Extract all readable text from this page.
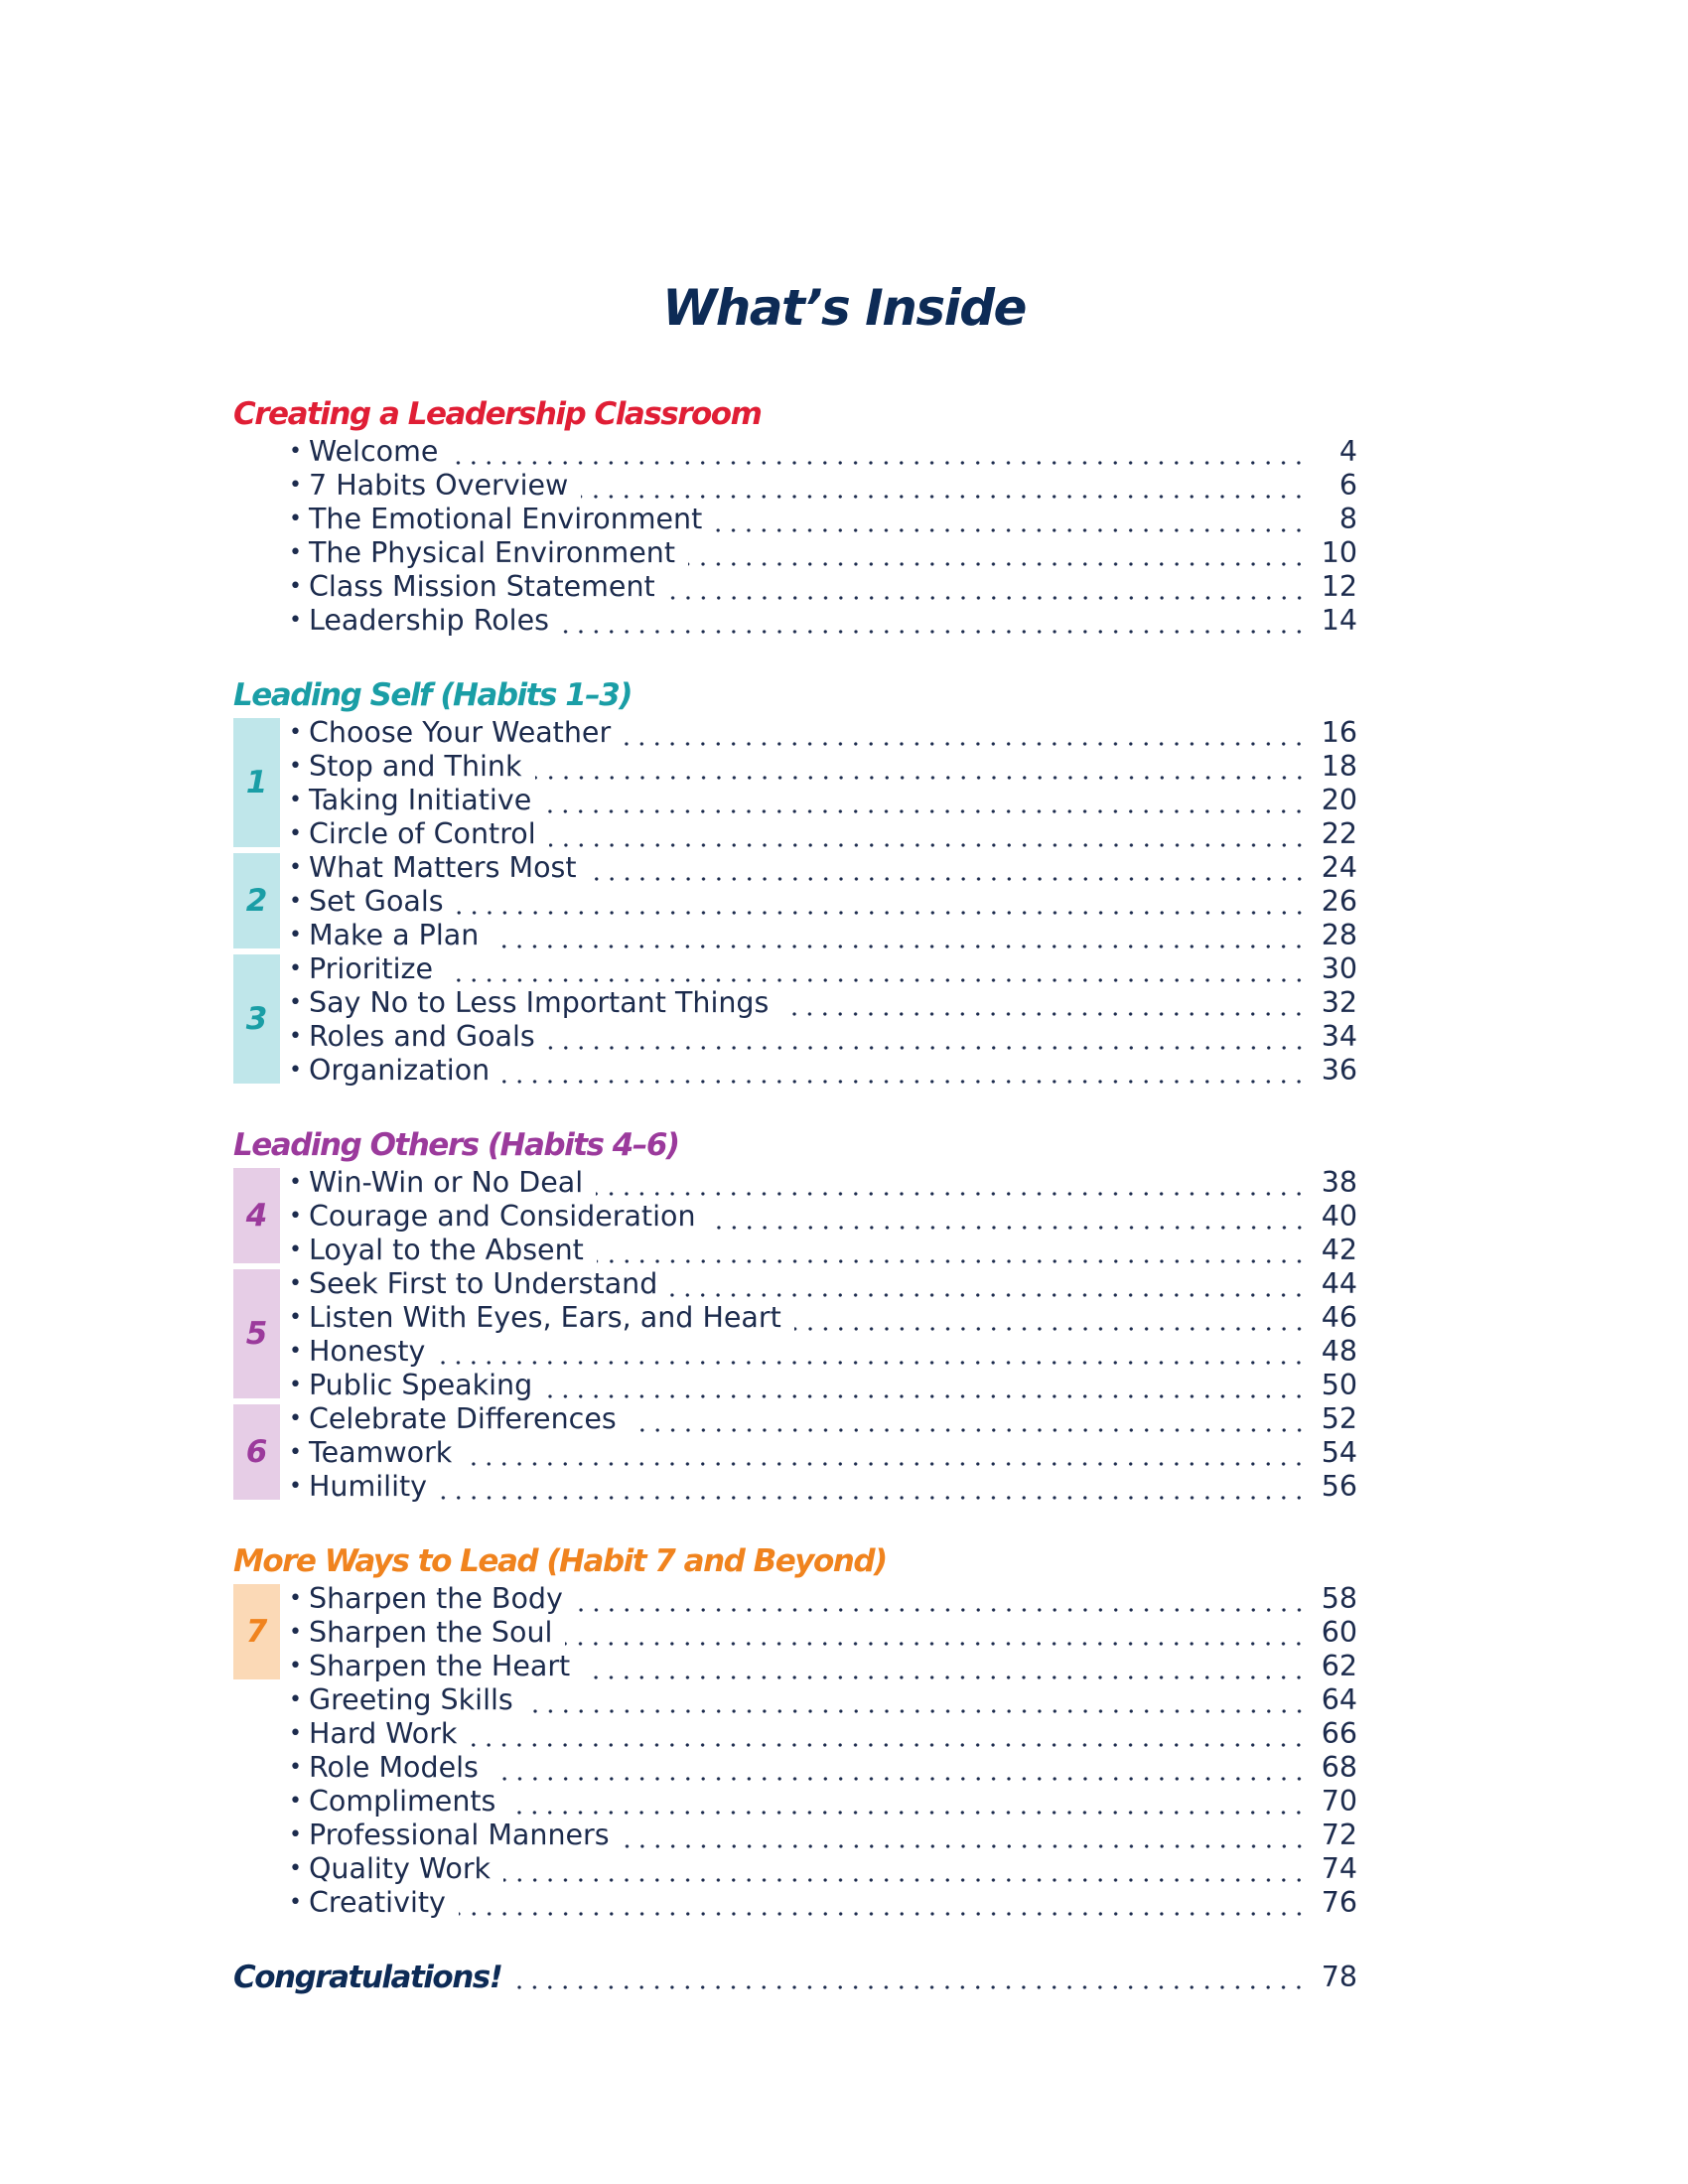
What’s Inside
Creating a Leadership Classroom
• Welcome	4
• 7 Habits Overview	6
• The Emotional Environment	8
• The Physical Environment	10
• Class Mission Statement	12
• Leadership Roles	14
Leading Self (Habits 1–3)
1
2
3
• Choose Your Weather	16
• Stop and Think	18
• Taking Initiative	20
• Circle of Control	22
• What Matters Most	24
• Set Goals	26
• Make a Plan	28
• Prioritize	30
• Say No to Less Important Things	32
• Roles and Goals	34
• Organization	36
Leading Others (Habits 4–6)
4
5
6
• Win-Win or No Deal	38
• Courage and Consideration	40
• Loyal to the Absent	42
• Seek First to Understand	44
• Listen With Eyes, Ears, and Heart	46
• Honesty	48
• Public Speaking	50
• Celebrate Differences	52
• Teamwork	54
• Humility	56
More Ways to Lead (Habit 7 and Beyond)
7
• Sharpen the Body	58
• Sharpen the Soul	60
• Sharpen the Heart	62
• Greeting Skills	64
• Hard Work	66
• Role Models	68
• Compliments	70
• Professional Manners	72
• Quality Work	74
• Creativity	76
Congratulations!	78
